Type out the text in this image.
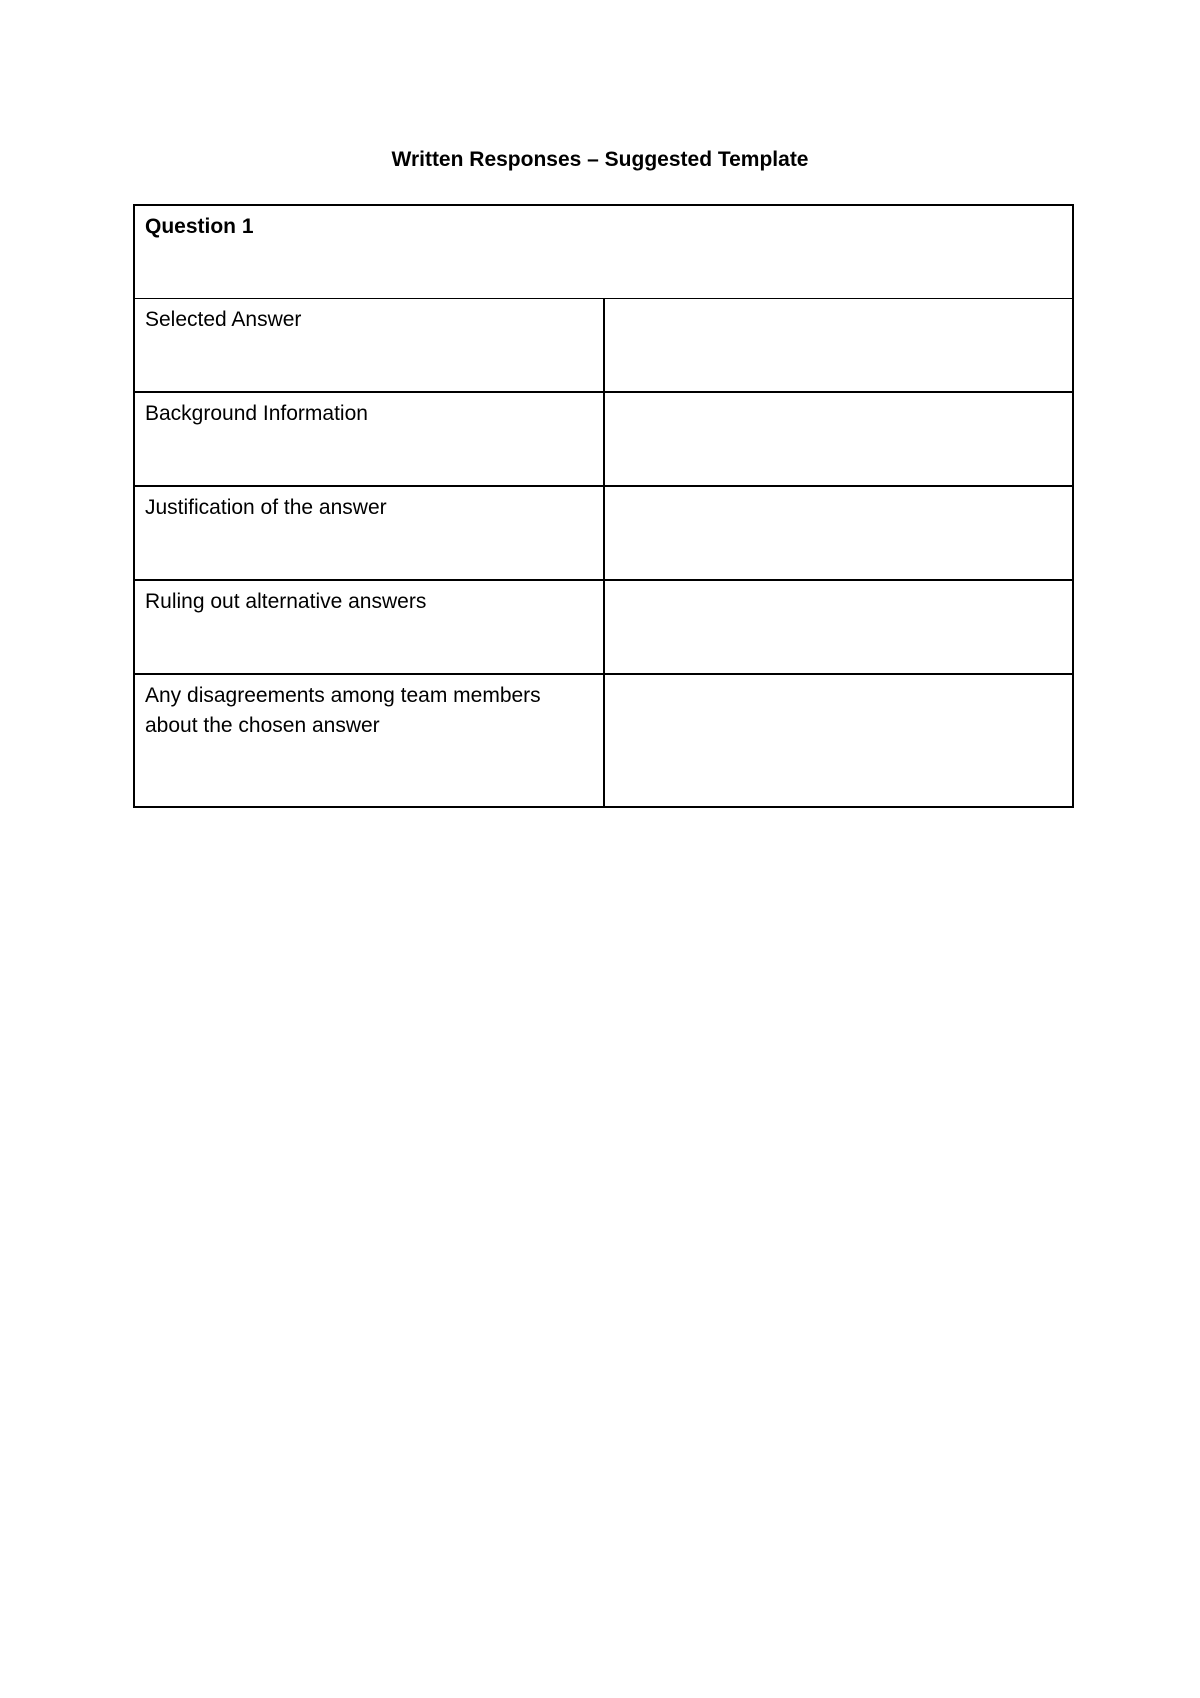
Written Responses – Suggested Template
Question 1	
Selected Answer	
Background Information	
Justification of the answer	
Ruling out alternative answers	
Any disagreements among team members about the chosen answer	
